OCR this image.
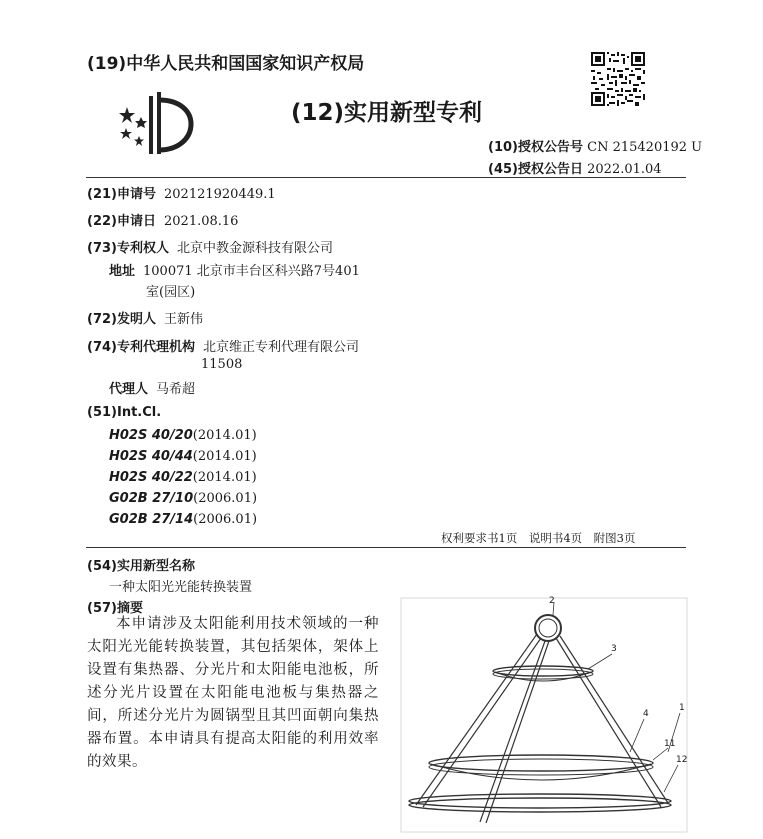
(19)中华人民共和国国家知识产权局
(12)实用新型专利
(10)授权公告号 CN 215420192 U
(45)授权公告日 2022.01.04
(21)申请号 202121920449.1
(22)申请日 2021.08.16
(73)专利权人 北京中教金源科技有限公司
地址 100071 北京市丰台区科兴路7号401
室(园区)
(72)发明人 王新伟
(74)专利代理机构 北京维正专利代理有限公司
11508
代理人 马希超
(51)Int.Cl.
H02S 40/20(2014.01)
H02S 40/44(2014.01)
H02S 40/22(2014.01)
G02B 27/10(2006.01)
G02B 27/14(2006.01)
权利要求书1页　说明书4页　附图3页
(54)实用新型名称
一种太阳光光能转换装置
(57)摘要
本申请涉及太阳能利用技术领域的一种太阳光光能转换装置，其包括架体，架体上设置有集热器、分光片和太阳能电池板，所述分光片设置在太阳能电池板与集热器之间，所述分光片为圆锅型且其凹面朝向集热器布置。本申请具有提高太阳能的利用效率的效果。
2
3
4
1
11
12
